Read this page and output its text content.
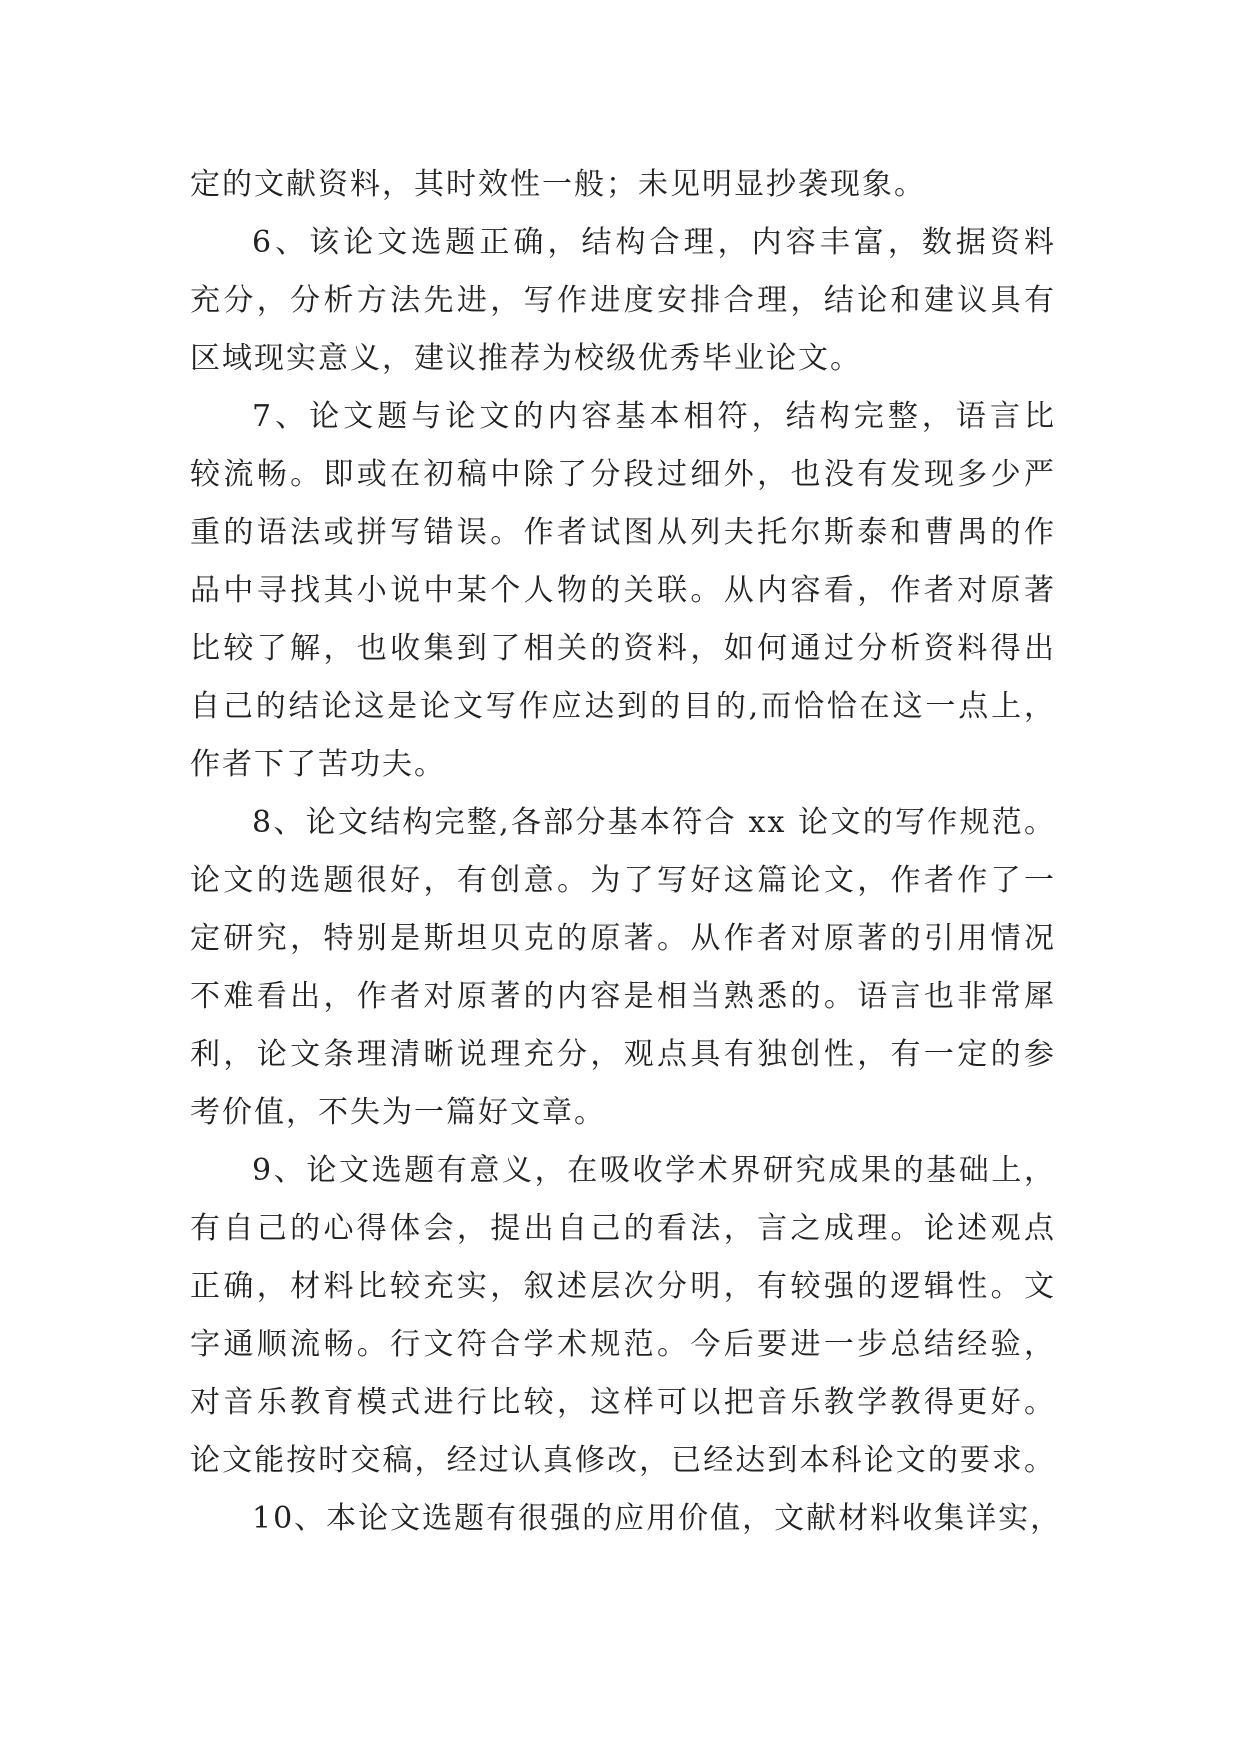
定的文献资料，其时效性一般；未见明显抄袭现象。
6、该论文选题正确，结构合理，内容丰富，数据资料
充分，分析方法先进，写作进度安排合理，结论和建议具有
区域现实意义，建议推荐为校级优秀毕业论文。
7、论文题与论文的内容基本相符，结构完整，语言比
较流畅。即或在初稿中除了分段过细外，也没有发现多少严
重的语法或拼写错误。作者试图从列夫托尔斯泰和曹禺的作
品中寻找其小说中某个人物的关联。从内容看，作者对原著
比较了解，也收集到了相关的资料，如何通过分析资料得出
自己的结论这是论文写作应达到的目的,而恰恰在这一点上，
作者下了苦功夫。
8、论文结构完整,各部分基本符合 xx 论文的写作规范。
论文的选题很好，有创意。为了写好这篇论文，作者作了一
定研究，特别是斯坦贝克的原著。从作者对原著的引用情况
不难看出，作者对原著的内容是相当熟悉的。语言也非常犀
利，论文条理清晰说理充分，观点具有独创性，有一定的参
考价值，不失为一篇好文章。
9、论文选题有意义，在吸收学术界研究成果的基础上，
有自己的心得体会，提出自己的看法，言之成理。论述观点
正确，材料比较充实，叙述层次分明，有较强的逻辑性。文
字通顺流畅。行文符合学术规范。今后要进一步总结经验，
对音乐教育模式进行比较，这样可以把音乐教学教得更好。
论文能按时交稿，经过认真修改，已经达到本科论文的要求。
10、本论文选题有很强的应用价值，文献材料收集详实，
